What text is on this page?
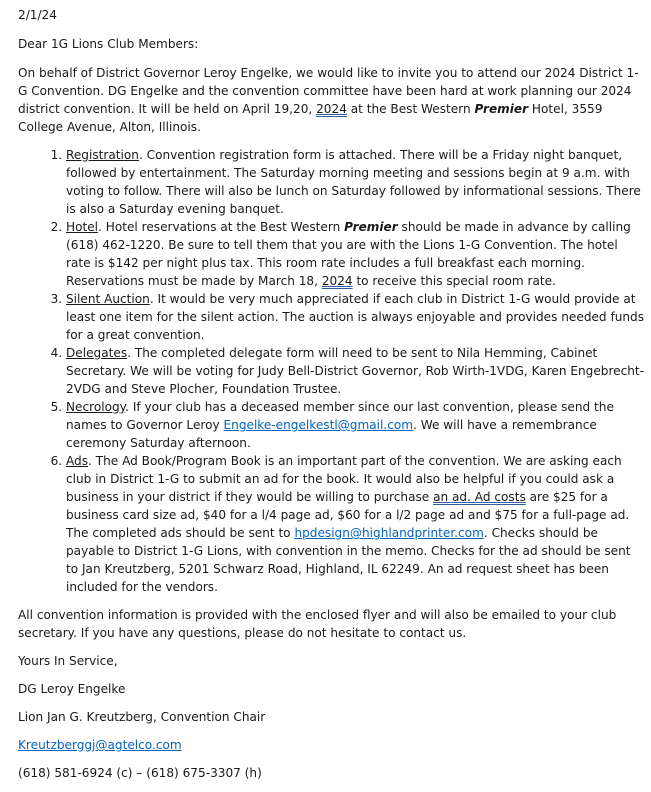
2/1/24

Dear 1G Lions Club Members:

On behalf of District Governor Leroy Engelke, we would like to invite you to attend our 2024 District 1-G Convention. DG Engelke and the convention committee have been hard at work planning our 2024 district convention. It will be held on April 19,20, 2024 at the Best Western Premier Hotel, 3559 College Avenue, Alton, Illinois.

1. Registration. Convention registration form is attached. There will be a Friday night banquet, followed by entertainment. The Saturday morning meeting and sessions begin at 9 a.m. with voting to follow. There will also be lunch on Saturday followed by informational sessions. There is also a Saturday evening banquet.
2. Hotel. Hotel reservations at the Best Western Premier should be made in advance by calling (618) 462-1220. Be sure to tell them that you are with the Lions 1-G Convention. The hotel rate is $142 per night plus tax. This room rate includes a full breakfast each morning. Reservations must be made by March 18, 2024 to receive this special room rate.
3. Silent Auction. It would be very much appreciated if each club in District 1-G would provide at least one item for the silent action. The auction is always enjoyable and provides needed funds for a great convention.
4. Delegates. The completed delegate form will need to be sent to Nila Hemming, Cabinet Secretary. We will be voting for Judy Bell-District Governor, Rob Wirth-1VDG, Karen Engebrecht-2VDG and Steve Plocher, Foundation Trustee.
5. Necrology. If your club has a deceased member since our last convention, please send the names to Governor Leroy Engelke-engelkestl@gmail.com. We will have a remembrance ceremony Saturday afternoon.
6. Ads. The Ad Book/Program Book is an important part of the convention. We are asking each club in District 1-G to submit an ad for the book. It would also be helpful if you could ask a business in your district if they would be willing to purchase an ad. Ad costs are $25 for a business card size ad, $40 for a l/4 page ad, $60 for a l/2 page ad and $75 for a full-page ad. The completed ads should be sent to hpdesign@highlandprinter.com. Checks should be payable to District 1-G Lions, with convention in the memo. Checks for the ad should be sent to Jan Kreutzberg, 5201 Schwarz Road, Highland, IL 62249. An ad request sheet has been included for the vendors.

All convention information is provided with the enclosed flyer and will also be emailed to your club secretary. If you have any questions, please do not hesitate to contact us.

Yours In Service,

DG Leroy Engelke

Lion Jan G. Kreutzberg, Convention Chair

Kreutzberggj@agtelco.com

(618) 581-6924 (c) – (618) 675-3307 (h)
